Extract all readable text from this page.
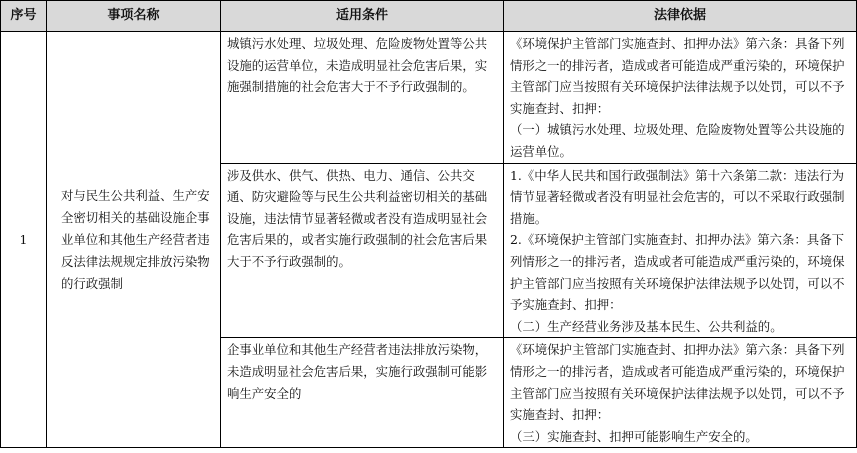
序号	事项名称	适用条件	法律依据
1	对与民生公共利益、生产安全密切相关的基础设施企事业单位和其他生产经营者违反法律法规规定排放污染物的行政强制	城镇污水处理、垃圾处理、危险废物处置等公共设施的运营单位，未造成明显社会危害后果，实施强制措施的社会危害大于不予行政强制的。	《环境保护主管部门实施查封、扣押办法》第六条：具备下列情形之一的排污者，造成或者可能造成严重污染的，环境保护主管部门应当按照有关环境保护法律法规予以处罚，可以不予实施查封、扣押：

（一）城镇污水处理、垃圾处理、危险废物处置等公共设施的运营单位。

		涉及供水、供气、供热、电力、通信、公共交通、防灾避险等与民生公共利益密切相关的基础设施，违法情节显著轻微或者没有造成明显社会危害后果的，或者实施行政强制的社会危害后果大于不予行政强制的。	1.《中华人民共和国行政强制法》第十六条第二款：违法行为情节显著轻微或者没有明显社会危害的，可以不采取行政强制措施。

2.《环境保护主管部门实施查封、扣押办法》第六条：具备下列情形之一的排污者，造成或者可能造成严重污染的，环境保护主管部门应当按照有关环境保护法律法规予以处罚，可以不予实施查封、扣押：

（二）生产经营业务涉及基本民生、公共利益的。

		企事业单位和其他生产经营者违法排放污染物，未造成明显社会危害后果，实施行政强制可能影响生产安全的	《环境保护主管部门实施查封、扣押办法》第六条：具备下列情形之一的排污者，造成或者可能造成严重污染的，环境保护主管部门应当按照有关环境保护法律法规予以处罚，可以不予实施查封、扣押：

（三）实施查封、扣押可能影响生产安全的。
